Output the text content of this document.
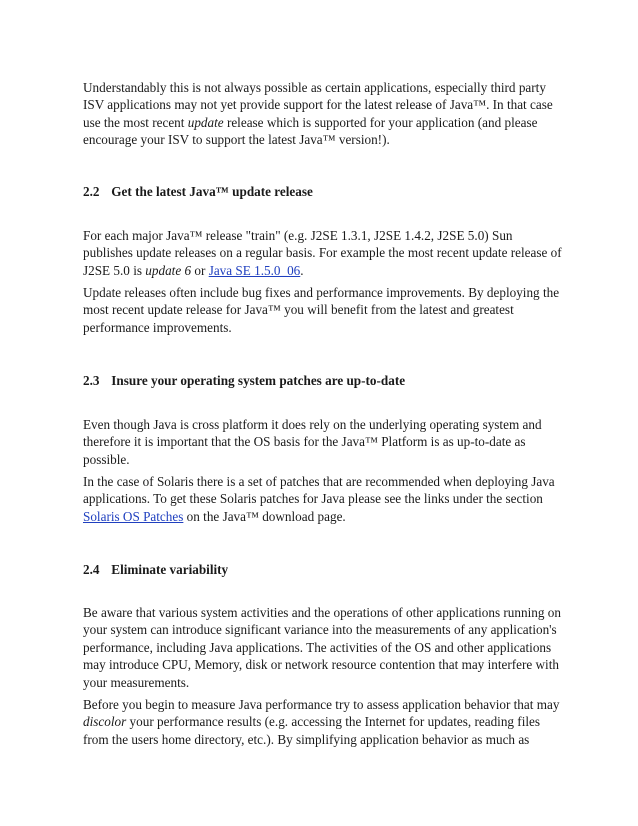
Understandably this is not always possible as certain applications, especially third party
ISV applications may not yet provide support for the latest release of Java™. In that case
use the most recent update release which is supported for your application (and please
encourage your ISV to support the latest Java™ version!).

2.2 Get the latest Java™ update release

For each major Java™ release "train" (e.g. J2SE 1.3.1, J2SE 1.4.2, J2SE 5.0) Sun
publishes update releases on a regular basis. For example the most recent update release of
J2SE 5.0 is update 6 or Java SE 1.5.0_06.

Update releases often include bug fixes and performance improvements. By deploying the
most recent update release for Java™ you will benefit from the latest and greatest
performance improvements.

2.3 Insure your operating system patches are up-to-date

Even though Java is cross platform it does rely on the underlying operating system and
therefore it is important that the OS basis for the Java™ Platform is as up-to-date as
possible.

In the case of Solaris there is a set of patches that are recommended when deploying Java
applications. To get these Solaris patches for Java please see the links under the section
Solaris OS Patches on the Java™ download page.

2.4 Eliminate variability

Be aware that various system activities and the operations of other applications running on
your system can introduce significant variance into the measurements of any application's
performance, including Java applications. The activities of the OS and other applications
may introduce CPU, Memory, disk or network resource contention that may interfere with
your measurements.

Before you begin to measure Java performance try to assess application behavior that may
discolor your performance results (e.g. accessing the Internet for updates, reading files
from the users home directory, etc.). By simplifying application behavior as much as
